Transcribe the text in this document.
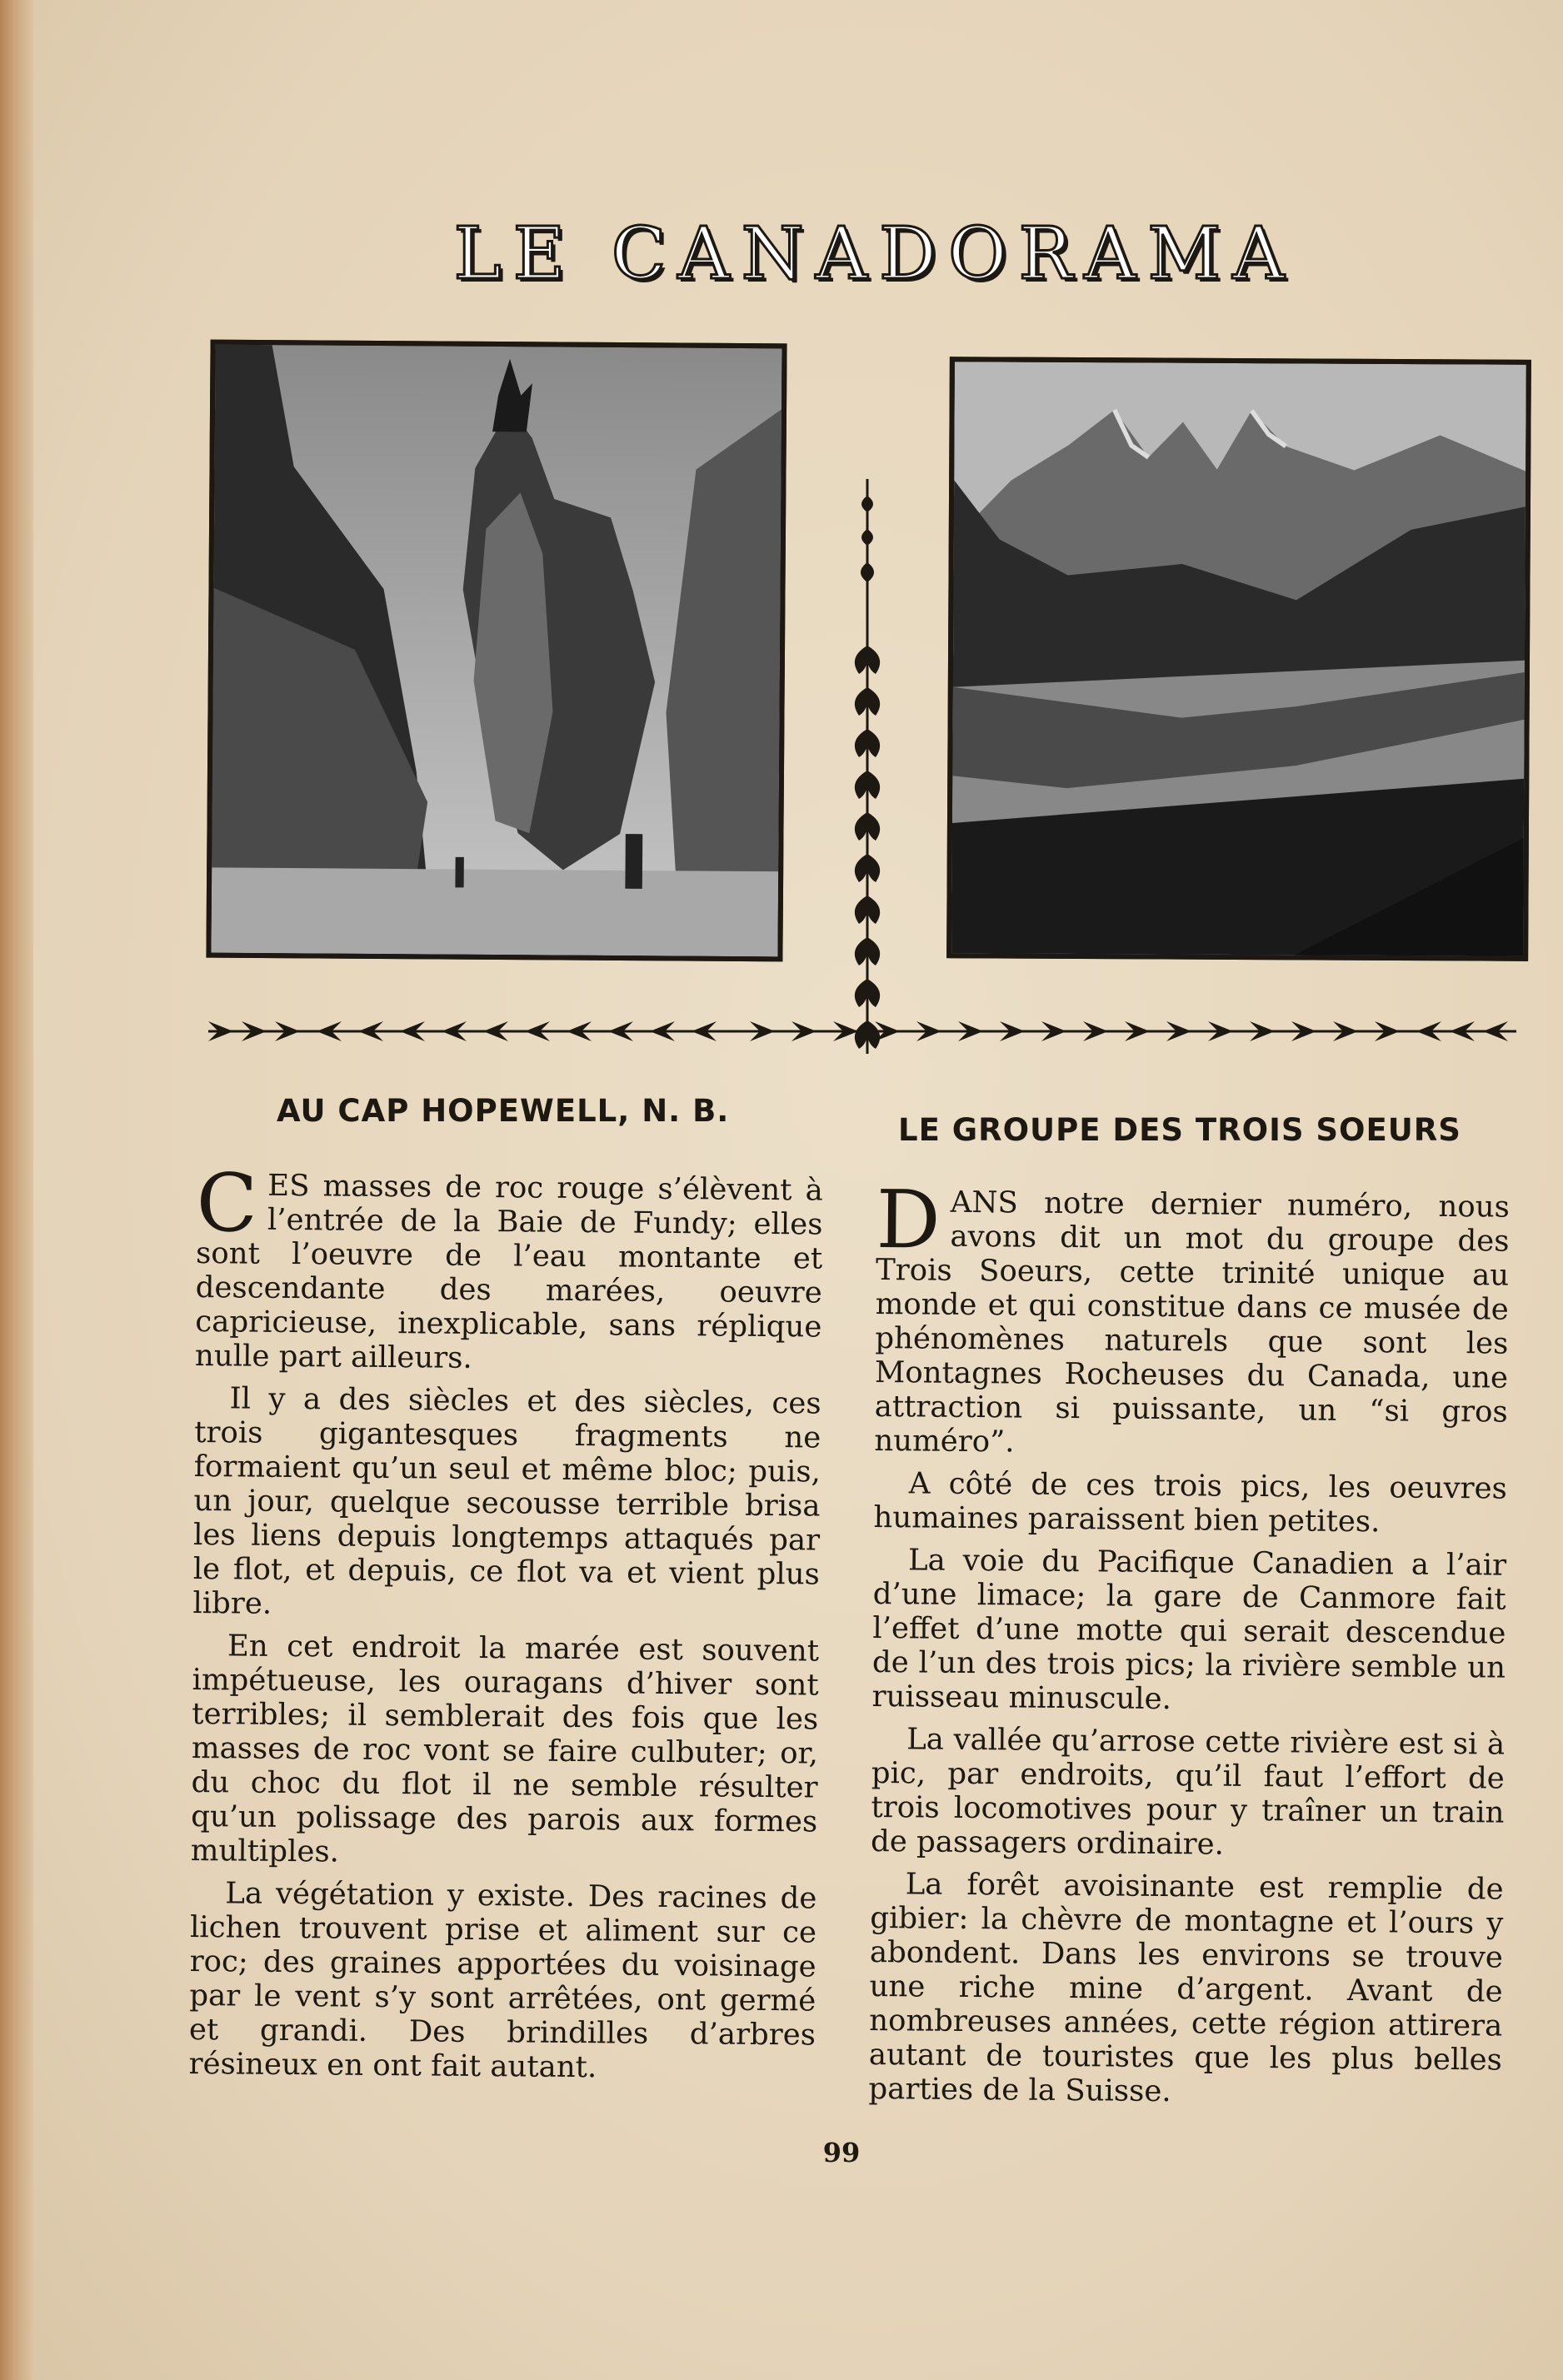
LE CANADORAMA
AU CAP HOPEWELL, N. B.
LE GROUPE DES TROIS SOEURS

CES masses de roc rouge s’élèvent à l’entrée de la Baie de Fundy; elles sont l’oeuvre de l’eau montante et descendante des marées, oeuvre capricieuse, inexplicable, sans réplique nulle part ailleurs.

Il y a des siècles et des siècles, ces trois gigantesques fragments ne formaient qu’un seul et même bloc; puis, un jour, quelque secousse terrible brisa les liens depuis longtemps attaqués par le flot, et depuis, ce flot va et vient plus libre.

En cet endroit la marée est souvent impétueuse, les ouragans d’hiver sont terribles; il semblerait des fois que les masses de roc vont se faire culbuter; or, du choc du flot il ne semble résulter qu’un polissage des parois aux formes multiples.

La végétation y existe. Des racines de lichen trouvent prise et aliment sur ce roc; des graines apportées du voisinage par le vent s’y sont arrêtées, ont germé et grandi. Des brindilles d’arbres résineux en ont fait autant.

DANS notre dernier numéro, nous avons dit un mot du groupe des Trois Soeurs, cette trinité unique au monde et qui constitue dans ce musée de phénomènes naturels que sont les Montagnes Rocheuses du Canada, une attraction si puissante, un “si gros numéro”.

A côté de ces trois pics, les oeuvres humaines paraissent bien petites.

La voie du Pacifique Canadien a l’air d’une limace; la gare de Canmore fait l’effet d’une motte qui serait descendue de l’un des trois pics; la rivière semble un ruisseau minuscule.

La vallée qu’arrose cette rivière est si à pic, par endroits, qu’il faut l’effort de trois locomotives pour y traîner un train de passagers ordinaire.

La forêt avoisinante est remplie de gibier: la chèvre de montagne et l’ours y abondent. Dans les environs se trouve une riche mine d’argent. Avant de nombreuses années, cette région attirera autant de touristes que les plus belles parties de la Suisse.

99
